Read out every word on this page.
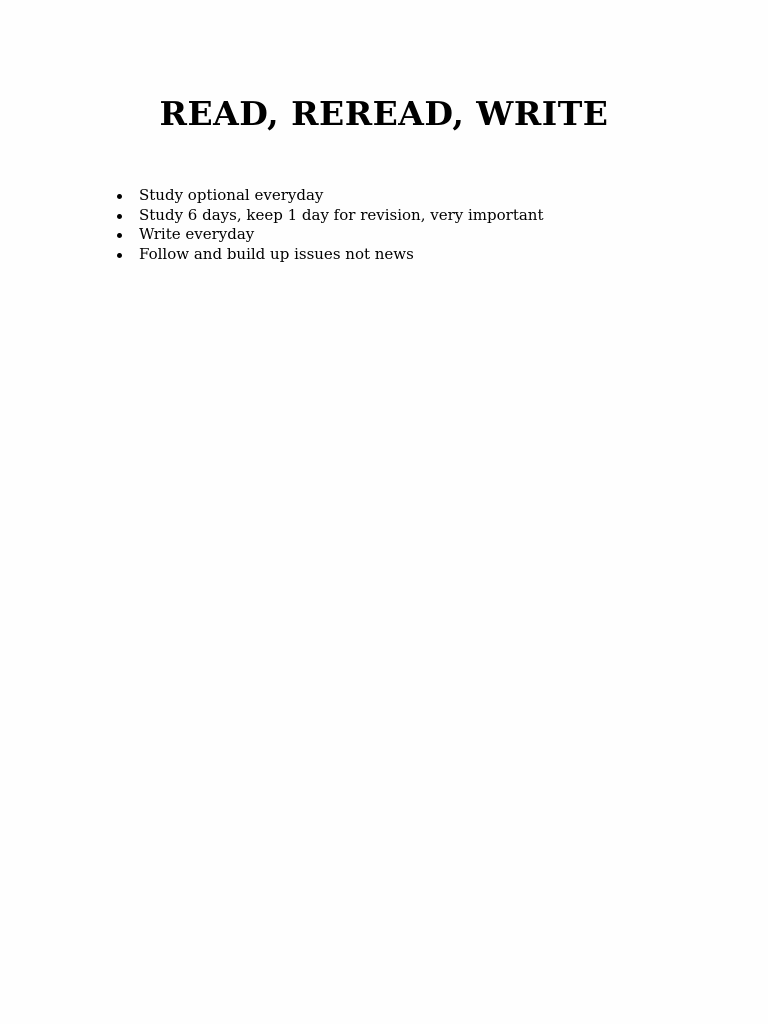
READ, REREAD, WRITE
Study optional everyday
Study 6 days, keep 1 day for revision, very important
Write everyday
Follow and build up issues not news
